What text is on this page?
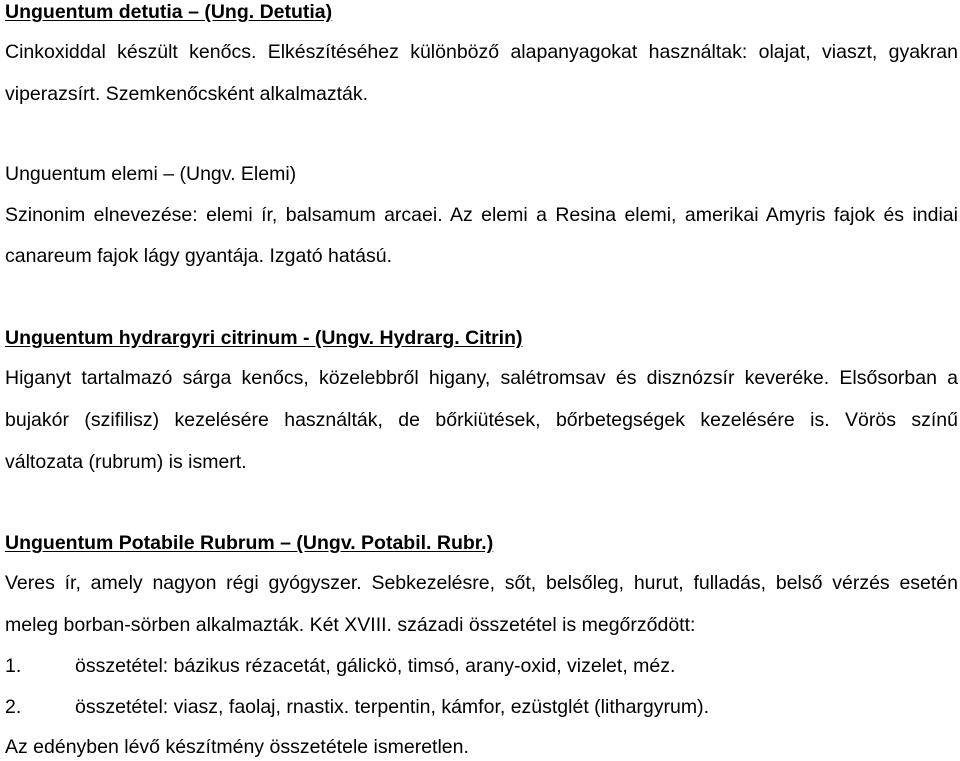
Unguentum detutia – (Ung. Detutia)
Cinkoxiddal készült kenőcs. Elkészítéséhez különböző alapanyagokat használtak: olajat, viaszt, gyakran
viperazsírt. Szemkenőcsként alkalmazták.
Unguentum elemi – (Ungv. Elemi)
Szinonim elnevezése: elemi ír, balsamum arcaei. Az elemi a Resina elemi, amerikai Amyris fajok és indiai
canareum fajok lágy gyantája. Izgató hatású.
Unguentum hydrargyri citrinum - (Ungv. Hydrarg. Citrin)
Higanyt tartalmazó sárga kenőcs, közelebbről higany, salétromsav és disznózsír keveréke. Elsősorban a
bujakór (szifilisz) kezelésére használták, de bőrkiütések, bőrbetegségek kezelésére is. Vörös színű
változata (rubrum) is ismert.
Unguentum Potabile Rubrum – (Ungv. Potabil. Rubr.)
Veres ír, amely nagyon régi gyógyszer. Sebkezelésre, sőt, belsőleg, hurut, fulladás, belső vérzés esetén
meleg borban-sörben alkalmazták. Két XVIII. századi összetétel is megőrződött:
1.	összetétel: bázikus rézacetát, gálickö, timsó, arany-oxid, vizelet, méz.
2.	összetétel: viasz, faolaj, rnastix. terpentin, kámfor, ezüstglét (lithargyrum).
Az edényben lévő készítmény összetétele ismeretlen.
